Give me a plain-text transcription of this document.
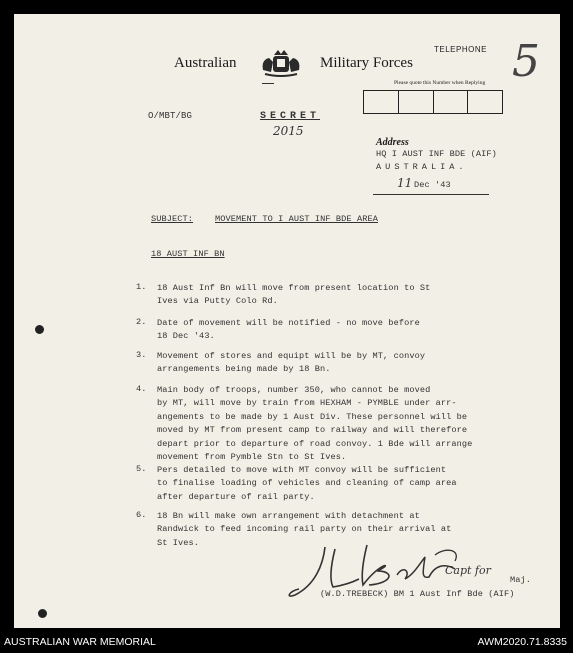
Australian	Military Forces
TELEPHONE 5
Please quote this Number when Replying
O/MBT/BG	SECRET
2015
Address
HQ I AUST INF BDE (AIF)
AUSTRALIA.
11 Dec '43
SUBJECT:	MOVEMENT TO I AUST INF BDE AREA
18 AUST INF BN
1.	18 Aust Inf Bn will move from present location to St
Ives via Putty Colo Rd.
2.	Date of movement will be notified - no move before
18 Dec '43.
3.	Movement of stores and equipt will be by MT, convoy
arrangements being made by 18 Bn.
4.	Main body of troops, number 350, who cannot be moved
by MT, will move by train from HEXHAM - PYMBLE under arr-
angements to be made by 1 Aust Div. These personnel will be
moved by MT from present camp to railway and will therefore
depart prior to departure of road convoy. 1 Bde will arrange
movement from Pymble Stn to St Ives.
5.	Pers detailed to move with MT convoy will be sufficient
to finalise loading of vehicles and cleaning of camp area
after departure of rail party.
6.	18 Bn will make own arrangement with detachment at
Randwick to feed incoming rail party on their arrival at
St Ives.
Capt for
Maj.
(W.D.TREBECK) BM 1 Aust Inf Bde (AIF)
AUSTRALIAN WAR MEMORIAL	AWM2020.71.8335
